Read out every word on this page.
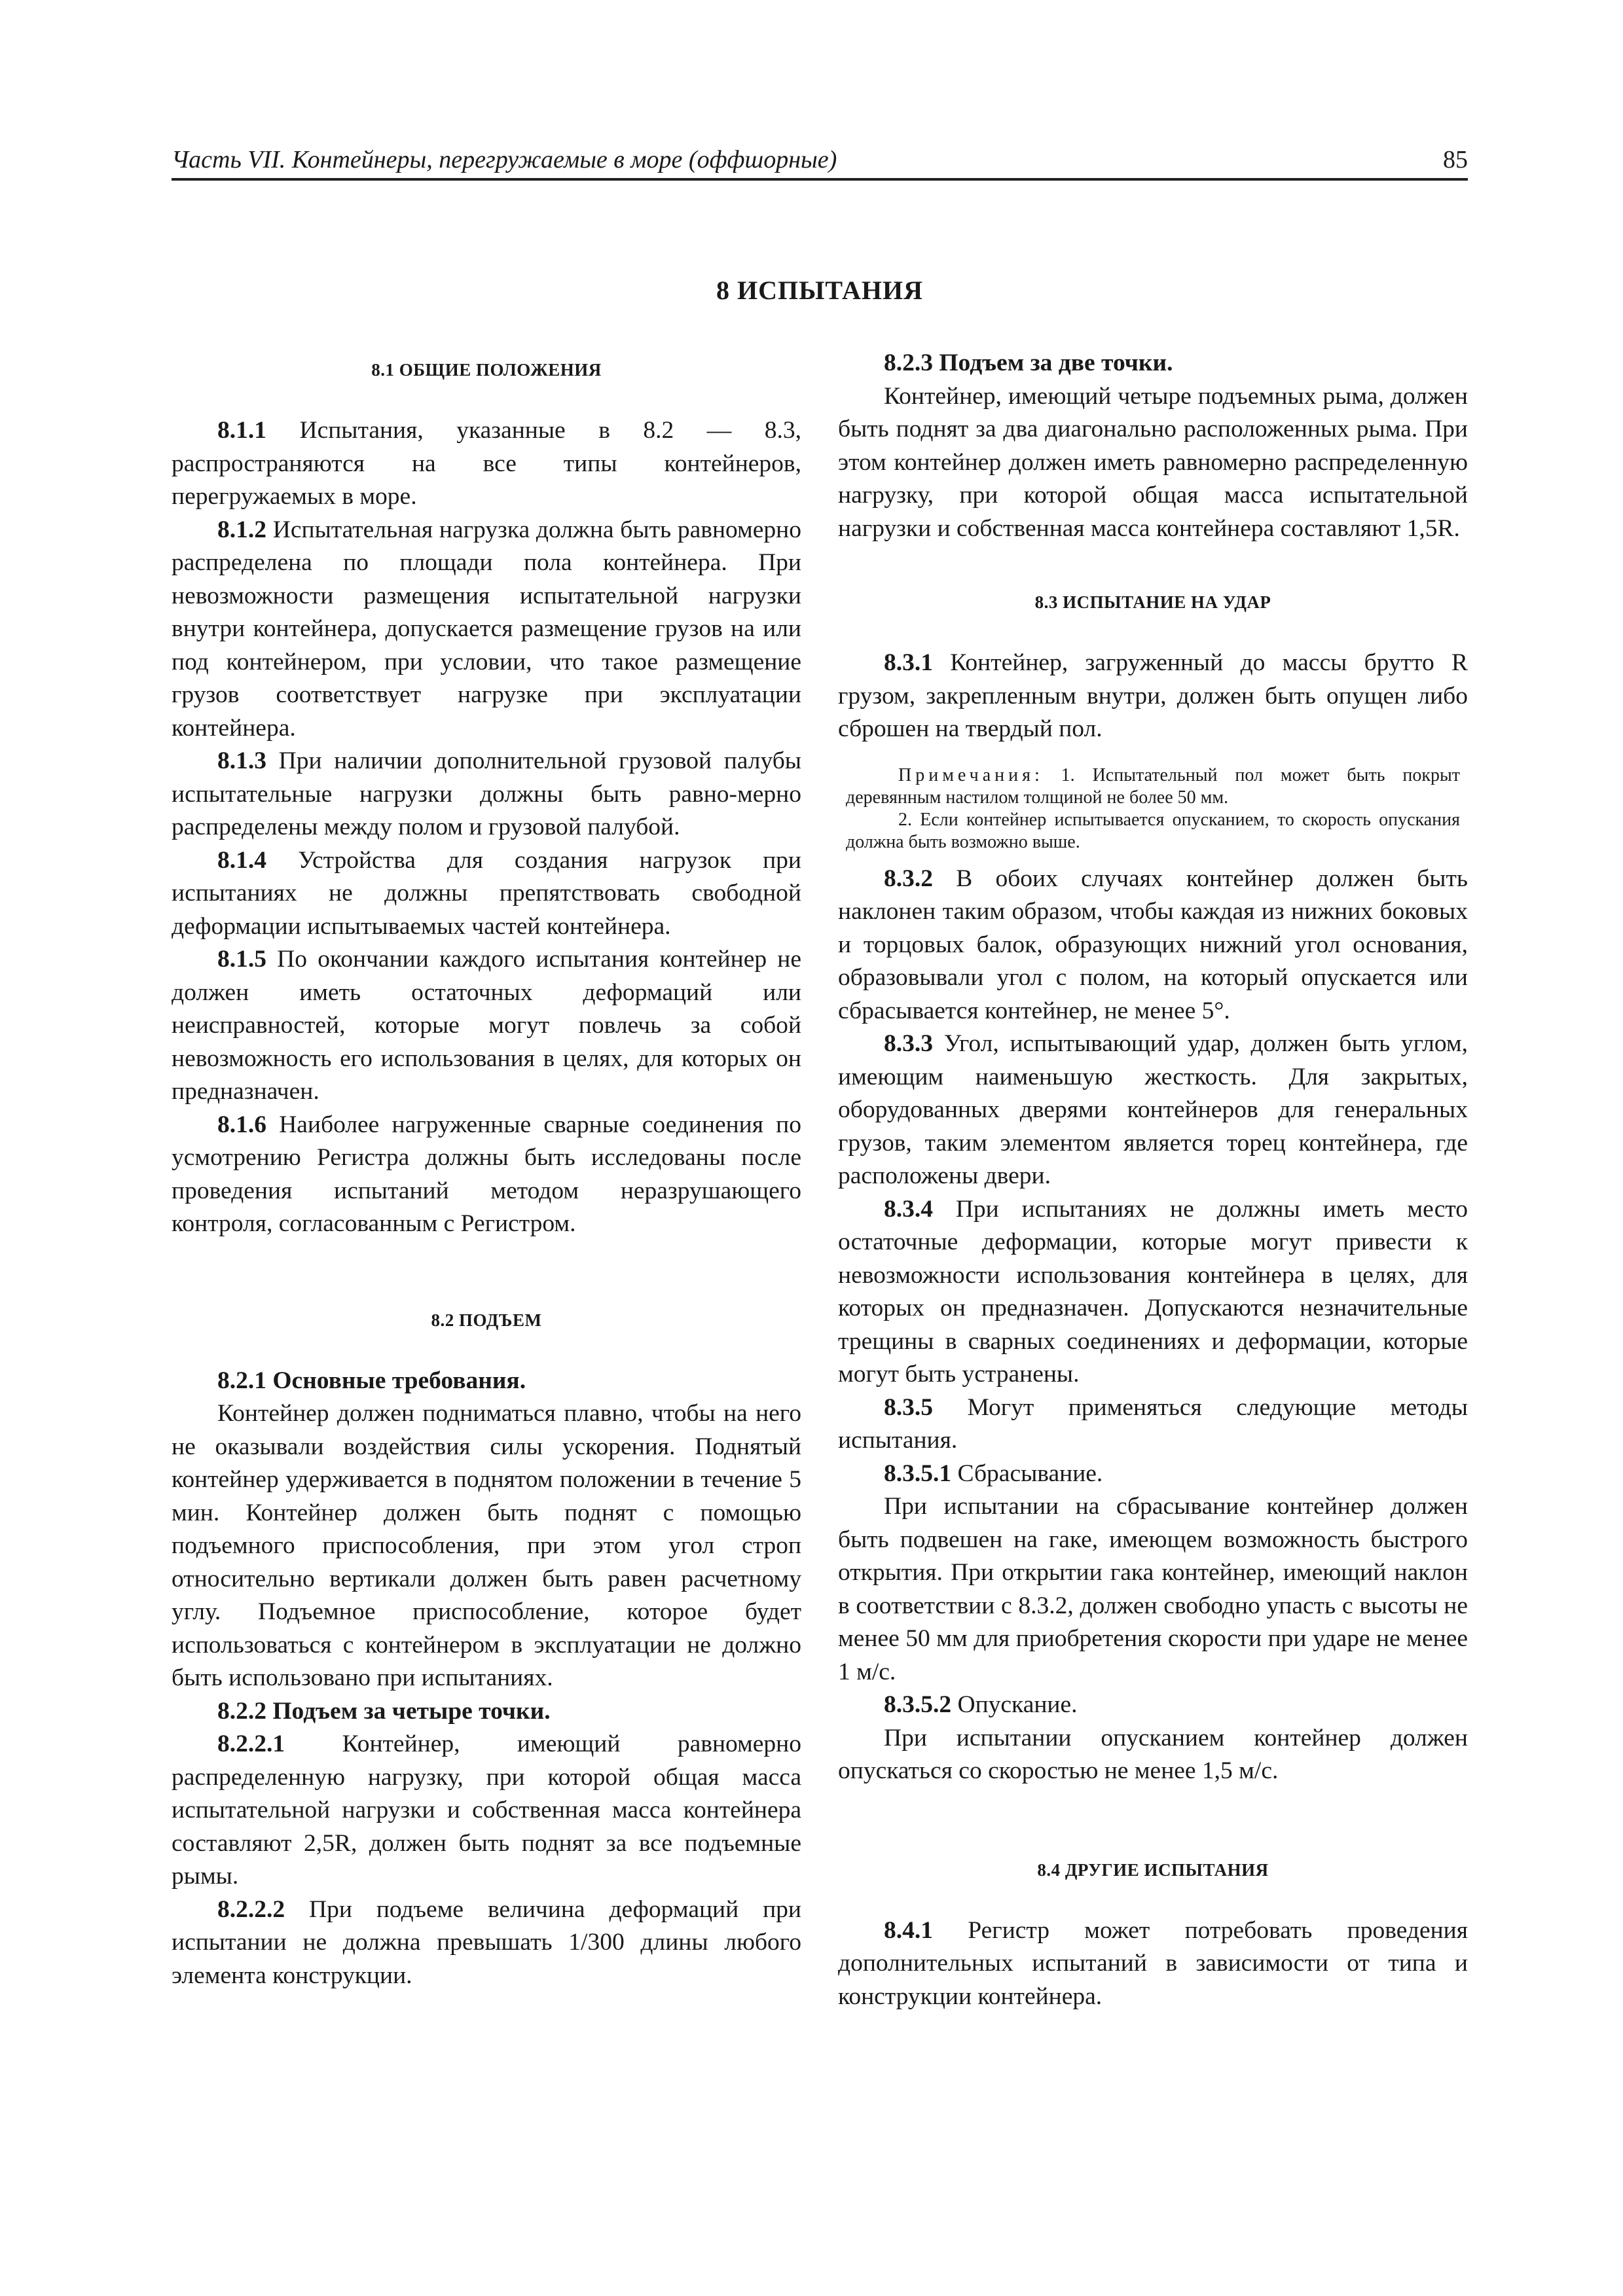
Часть VII. Контейнеры, перегружаемые в море (оффшорные)	85
8 ИСПЫТАНИЯ
8.1 ОБЩИЕ ПОЛОЖЕНИЯ

8.1.1 Испытания, указанные в 8.2 — 8.3, распространяются на все типы контейнеров, перегружаемых в море.

8.1.2 Испытательная нагрузка должна быть равномерно распределена по площади пола контейнера. При невозможности размещения испытательной нагрузки внутри контейнера, допускается размещение грузов на или под контейнером, при условии, что такое размещение грузов соответствует нагрузке при эксплуатации контейнера.

8.1.3 При наличии дополнительной грузовой палубы испытательные нагрузки должны быть равно-мерно распределены между полом и грузовой палубой.

8.1.4 Устройства для создания нагрузок при испытаниях не должны препятствовать свободной деформации испытываемых частей контейнера.

8.1.5 По окончании каждого испытания контейнер не должен иметь остаточных деформаций или неисправностей, которые могут повлечь за собой невозможность его использования в целях, для которых он предназначен.

8.1.6 Наиболее нагруженные сварные соединения по усмотрению Регистра должны быть исследованы после проведения испытаний методом неразрушающего контроля, согласованным с Регистром.

8.2 ПОДЪЕМ

8.2.1 Основные требования.

Контейнер должен подниматься плавно, чтобы на него не оказывали воздействия силы ускорения. Поднятый контейнер удерживается в поднятом положении в течение 5 мин. Контейнер должен быть поднят с помощью подъемного приспособления, при этом угол строп относительно вертикали должен быть равен расчетному углу. Подъемное приспособление, которое будет использоваться с контейнером в эксплуатации не должно быть использовано при испытаниях.

8.2.2 Подъем за четыре точки.

8.2.2.1 Контейнер, имеющий равномерно распределенную нагрузку, при которой общая масса испытательной нагрузки и собственная масса контейнера составляют 2,5R, должен быть поднят за все подъемные рымы.

8.2.2.2 При подъеме величина деформаций при испытании не должна превышать 1/300 длины любого элемента конструкции.

8.2.3 Подъем за две точки.

Контейнер, имеющий четыре подъемных рыма, должен быть поднят за два диагонально расположенных рыма. При этом контейнер должен иметь равномерно распределенную нагрузку, при которой общая масса испытательной нагрузки и собственная масса контейнера составляют 1,5R.

8.3 ИСПЫТАНИЕ НА УДАР

8.3.1 Контейнер, загруженный до массы брутто R грузом, закрепленным внутри, должен быть опущен либо сброшен на твердый пол.

Примечания: 1. Испытательный пол может быть покрыт деревянным настилом толщиной не более 50 мм.
2. Если контейнер испытывается опусканием, то скорость опускания должна быть возможно выше.

8.3.2 В обоих случаях контейнер должен быть наклонен таким образом, чтобы каждая из нижних боковых и торцовых балок, образующих нижний угол основания, образовывали угол с полом, на который опускается или сбрасывается контейнер, не менее 5°.

8.3.3 Угол, испытывающий удар, должен быть углом, имеющим наименьшую жесткость. Для закрытых, оборудованных дверями контейнеров для генеральных грузов, таким элементом является торец контейнера, где расположены двери.

8.3.4 При испытаниях не должны иметь место остаточные деформации, которые могут привести к невозможности использования контейнера в целях, для которых он предназначен. Допускаются незначительные трещины в сварных соединениях и деформации, которые могут быть устранены.

8.3.5 Могут применяться следующие методы испытания.

8.3.5.1 Сбрасывание.

При испытании на сбрасывание контейнер должен быть подвешен на гаке, имеющем возможность быстрого открытия. При открытии гака контейнер, имеющий наклон в соответствии с 8.3.2, должен свободно упасть с высоты не менее 50 мм для приобретения скорости при ударе не менее 1 м/с.

8.3.5.2 Опускание.

При испытании опусканием контейнер должен опускаться со скоростью не менее 1,5 м/с.

8.4 ДРУГИЕ ИСПЫТАНИЯ

8.4.1 Регистр может потребовать проведения дополнительных испытаний в зависимости от типа и конструкции контейнера.
